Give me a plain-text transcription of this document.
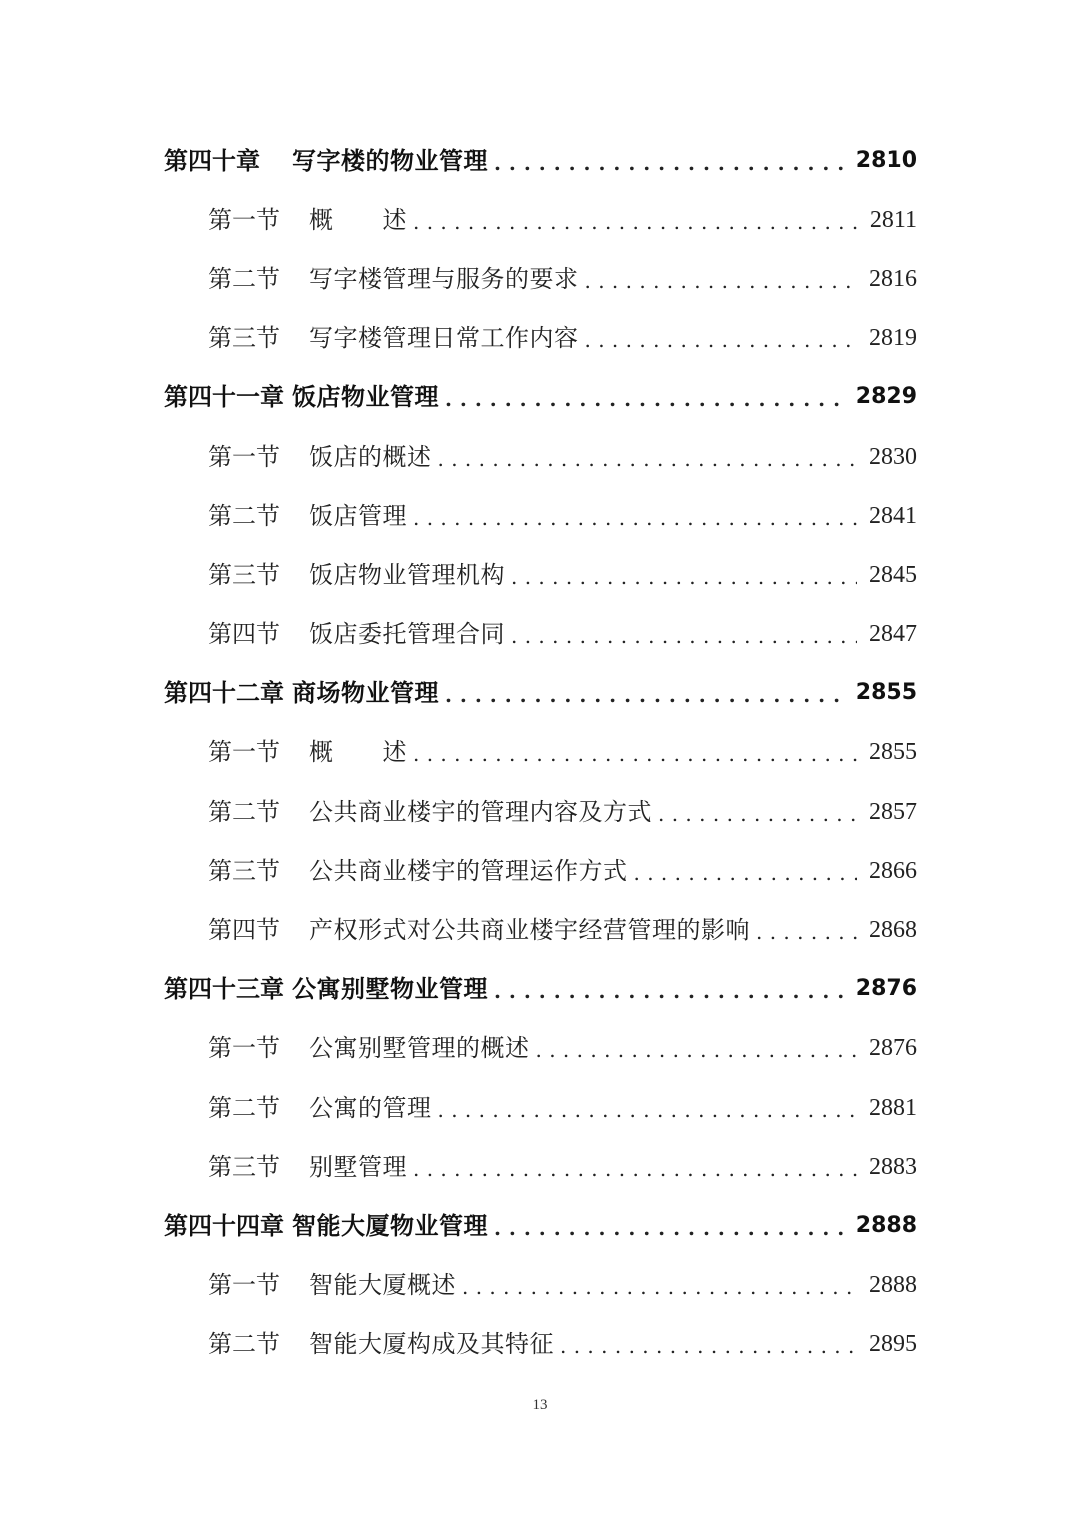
第四十章	写字楼的物业管理 . . .	2810
第一节	概　　述 . . .	2811
第二节	写字楼管理与服务的要求 . . .	2816
第三节	写字楼管理日常工作内容 . . .	2819
第四十一章 饭店物业管理 . . .	2829
第一节	饭店的概述 . . .	2830
第二节	饭店管理 . . .	2841
第三节	饭店物业管理机构 . . .	2845
第四节	饭店委托管理合同 . . .	2847
第四十二章 商场物业管理 . . .	2855
第一节	概　　述 . . .	2855
第二节	公共商业楼宇的管理内容及方式 . . .	2857
第三节	公共商业楼宇的管理运作方式 . . .	2866
第四节	产权形式对公共商业楼宇经营管理的影响 . . .	2868
第四十三章 公寓别墅物业管理 . . .	2876
第一节	公寓别墅管理的概述 . . .	2876
第二节	公寓的管理 . . .	2881
第三节	别墅管理 . . .	2883
第四十四章 智能大厦物业管理 . . .	2888
第一节	智能大厦概述 . . .	2888
第二节	智能大厦构成及其特征 . . .	2895
13
